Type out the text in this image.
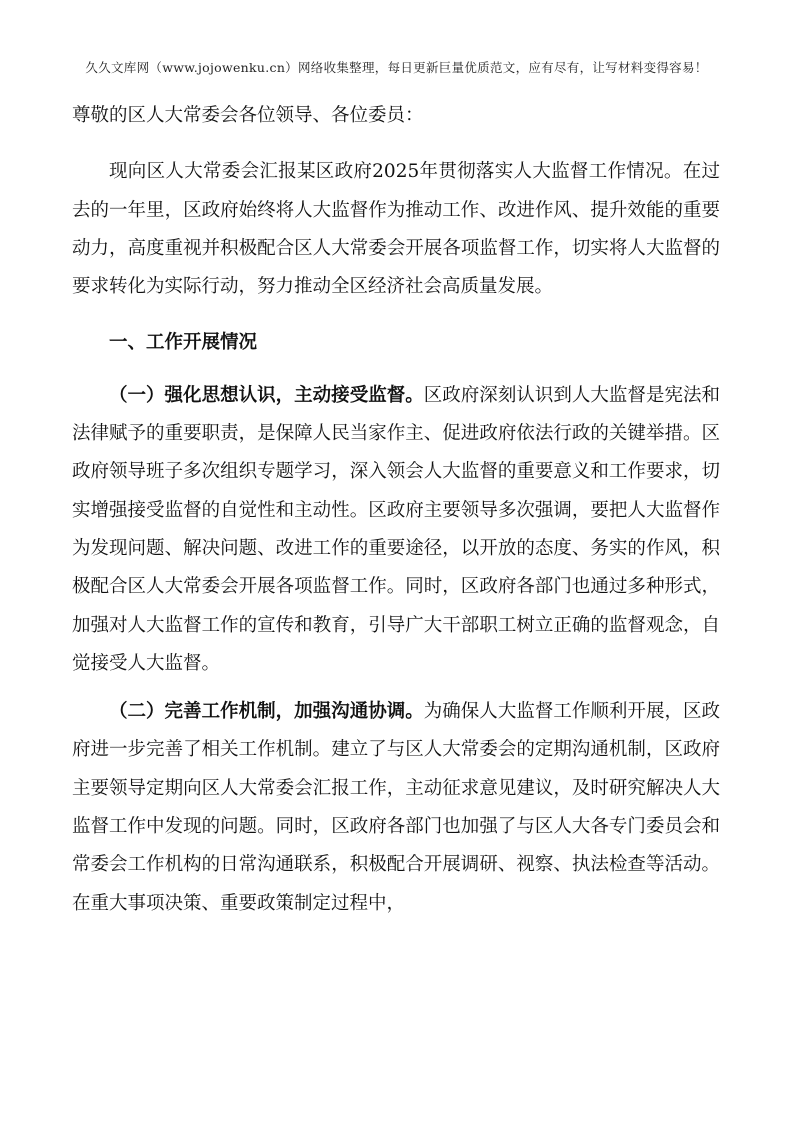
久久文库网（www.jojowenku.cn）网络收集整理，每日更新巨量优质范文，应有尽有，让写材料变得容易！

尊敬的区人大常委会各位领导、各位委员：

现向区人大常委会汇报某区政府2025年贯彻落实人大监督工作情况。在过去的一年里，区政府始终将人大监督作为推动工作、改进作风、提升效能的重要动力，高度重视并积极配合区人大常委会开展各项监督工作，切实将人大监督的要求转化为实际行动，努力推动全区经济社会高质量发展。

一、工作开展情况

（一）强化思想认识，主动接受监督。区政府深刻认识到人大监督是宪法和法律赋予的重要职责，是保障人民当家作主、促进政府依法行政的关键举措。区政府领导班子多次组织专题学习，深入领会人大监督的重要意义和工作要求，切实增强接受监督的自觉性和主动性。区政府主要领导多次强调，要把人大监督作为发现问题、解决问题、改进工作的重要途径，以开放的态度、务实的作风，积极配合区人大常委会开展各项监督工作。同时，区政府各部门也通过多种形式，加强对人大监督工作的宣传和教育，引导广大干部职工树立正确的监督观念，自觉接受人大监督。

（二）完善工作机制，加强沟通协调。为确保人大监督工作顺利开展，区政府进一步完善了相关工作机制。建立了与区人大常委会的定期沟通机制，区政府主要领导定期向区人大常委会汇报工作，主动征求意见建议，及时研究解决人大监督工作中发现的问题。同时，区政府各部门也加强了与区人大各专门委员会和常委会工作机构的日常沟通联系，积极配合开展调研、视察、执法检查等活动。在重大事项决策、重要政策制定过程中，
